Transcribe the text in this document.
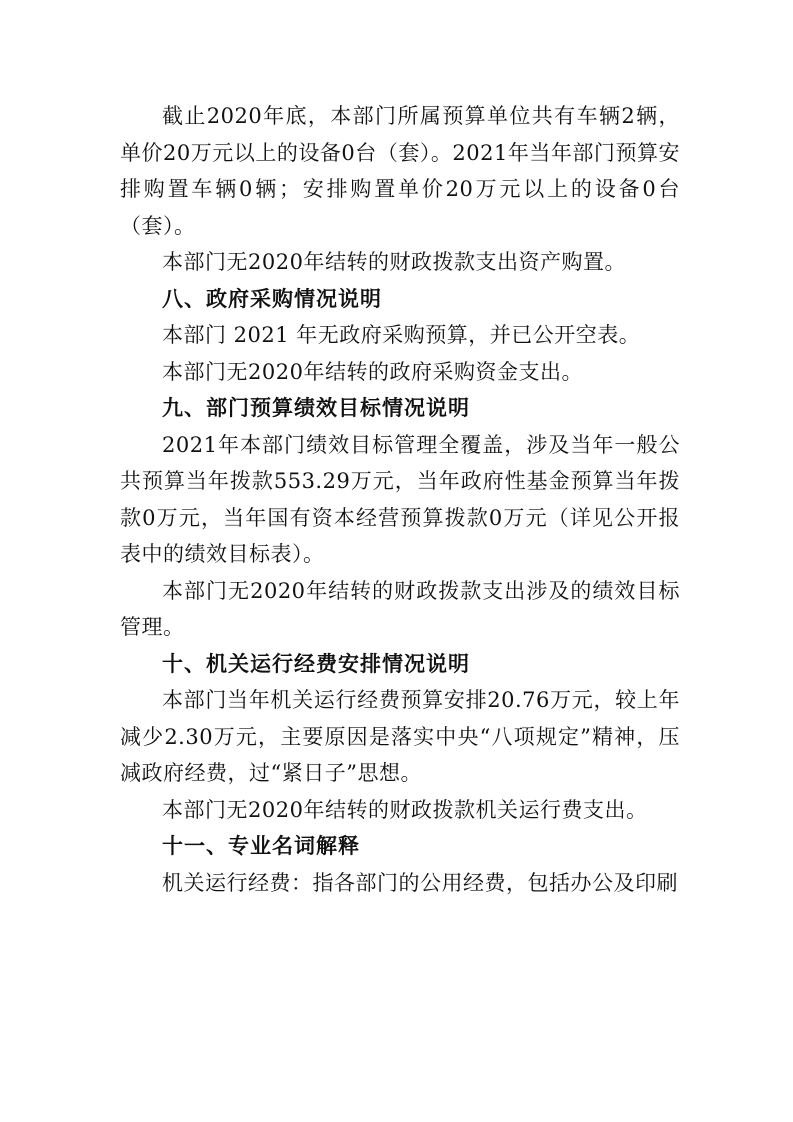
截止2020年底，本部门所属预算单位共有车辆2辆，单价20万元以上的设备0台（套）。2021年当年部门预算安排购置车辆0辆；安排购置单价20万元以上的设备0台（套）。

本部门无2020年结转的财政拨款支出资产购置。

八、政府采购情况说明

本部门 2021 年无政府采购预算，并已公开空表。

本部门无2020年结转的政府采购资金支出。

九、部门预算绩效目标情况说明

2021年本部门绩效目标管理全覆盖，涉及当年一般公共预算当年拨款553.29万元，当年政府性基金预算当年拨款0万元，当年国有资本经营预算拨款0万元（详见公开报表中的绩效目标表）。

本部门无2020年结转的财政拨款支出涉及的绩效目标管理。

十、机关运行经费安排情况说明

本部门当年机关运行经费预算安排20.76万元，较上年减少2.30万元，主要原因是落实中央“八项规定”精神，压减政府经费，过“紧日子”思想。

本部门无2020年结转的财政拨款机关运行费支出。

十一、专业名词解释

机关运行经费：指各部门的公用经费，包括办公及印刷
